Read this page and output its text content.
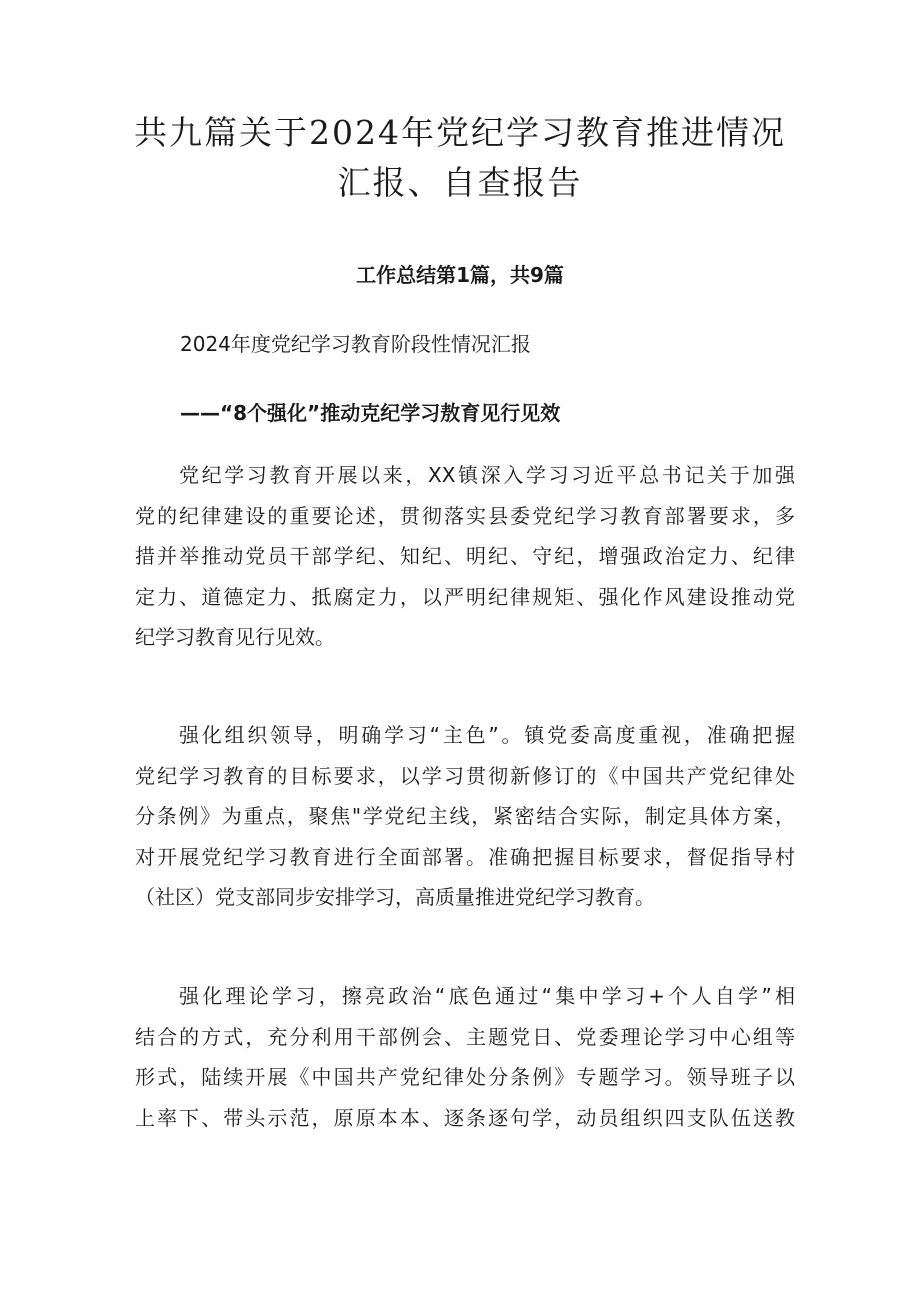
共九篇关于2024年党纪学习教育推进情况
汇报、自查报告
工作总结第1篇，共9篇

2024年度党纪学习教育阶段性情况汇报

——“8个强化”推动克纪学习敖育见行见效

党纪学习教育开展以来，XX镇深入学习习近平总书记关于加强
党的纪律建设的重要论述，贯彻落实县委党纪学习教育部署要求，多
措并举推动党员干部学纪、知纪、明纪、守纪，增强政治定力、纪律
定力、道德定力、抵腐定力，以严明纪律规矩、强化作风建设推动党
纪学习教育见行见效。
强化组织领导，明确学习“主色”。镇党委高度重视，准确把握
党纪学习教育的目标要求，以学习贯彻新修订的《中国共产党纪律处
分条例》为重点，聚焦"学党纪主线，紧密结合实际，制定具体方案，
对开展党纪学习教育进行全面部署。准确把握目标要求，督促指导村
（社区）党支部同步安排学习，高质量推进党纪学习教育。
强化理论学习，擦亮政治“底色通过“集中学习+个人自学”相
结合的方式，充分利用干部例会、主题党日、党委理论学习中心组等
形式，陆续开展《中国共产党纪律处分条例》专题学习。领导班子以
上率下、带头示范，原原本本、逐条逐句学，动员组织四支队伍送教
